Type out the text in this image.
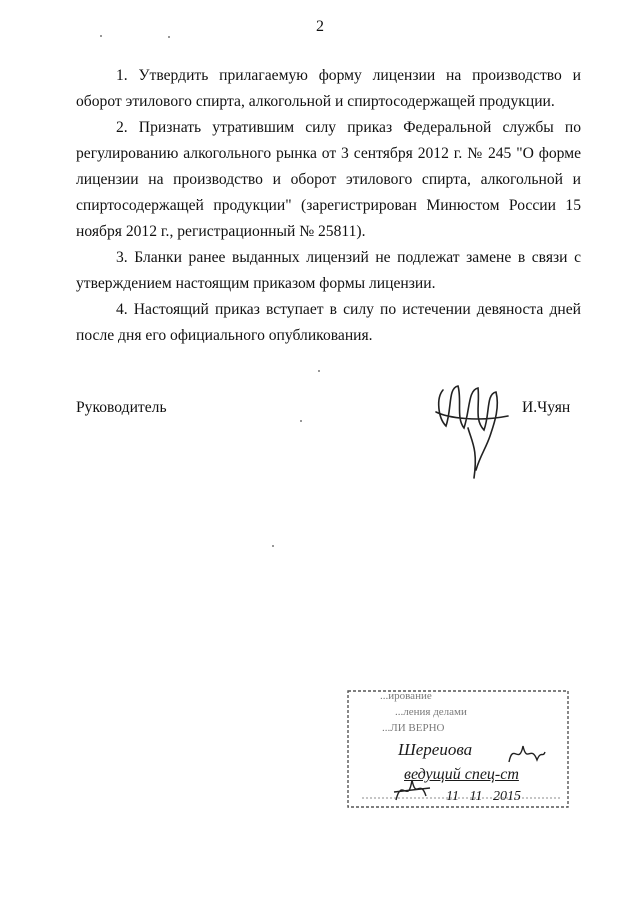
2

1. Утвердить прилагаемую форму лицензии на производство и оборот этилового спирта, алкогольной и спиртосодержащей продукции.

2. Признать утратившим силу приказ Федеральной службы по регулированию алкогольного рынка от 3 сентября 2012 г. № 245 "О форме лицензии на производство и оборот этилового спирта, алкогольной и спиртосодержащей продукции" (зарегистрирован Минюстом России 15 ноября 2012 г., регистрационный № 25811).

3. Бланки ранее выданных лицензий не подлежат замене в связи с утверждением настоящим приказом формы лицензии.

4. Настоящий приказ вступает в силу по истечении девяноста дней после дня его официального опубликования.

Руководитель	И.Чуян
...ирование
...ления делами
...ЛИ ВЕРНО
Шереиова
ведущий спец-ст
11 11 2015
